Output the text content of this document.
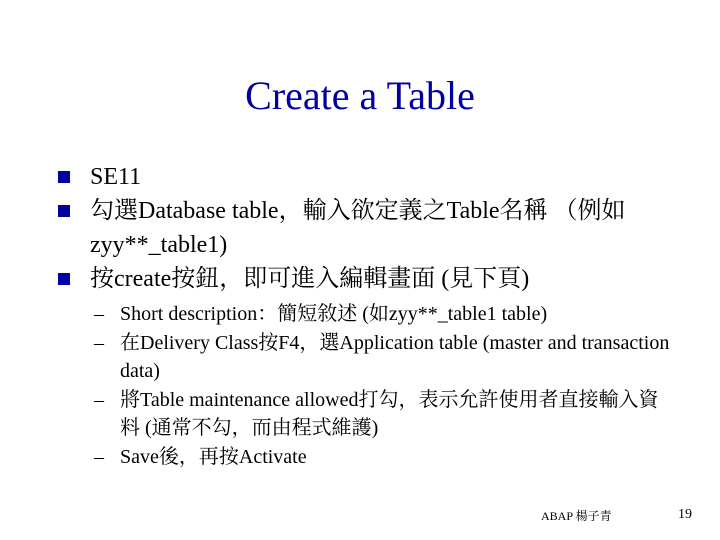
Create a Table
SE11
勾選Database table，輸入欲定義之Table名稱 （例如zyy**_table1)
按create按鈕，即可進入編輯畫面 (見下頁)
– Short description：簡短敘述 (如zyy**_table1 table)
– 在Delivery Class按F4，選Application table (master and transaction data)
– 將Table maintenance allowed打勾，表示允許使用者直接輸入資料 (通常不勾，而由程式維護)
– Save後，再按Activate
ABAP 楊子青	19
